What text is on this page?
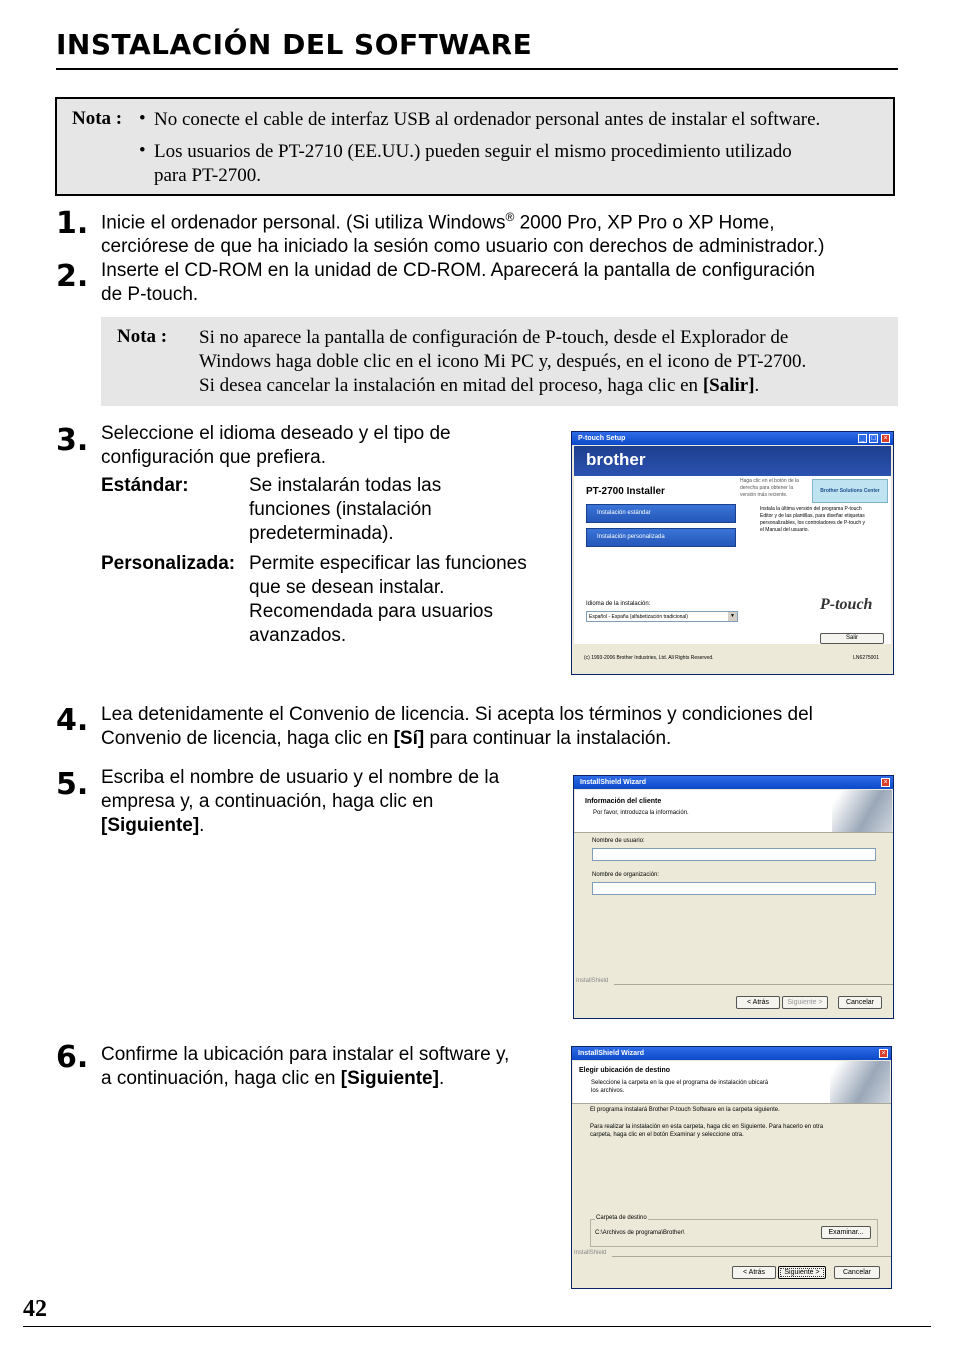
INSTALACIÓN DEL SOFTWARE
Nota : • No conecte el cable de interfaz USB al ordenador personal antes de instalar el software.
• Los usuarios de PT-2710 (EE.UU.) pueden seguir el mismo procedimiento utilizado
para PT-2700.
1. Inicie el ordenador personal. (Si utiliza Windows® 2000 Pro, XP Pro o XP Home,
cerciórese de que ha iniciado la sesión como usuario con derechos de administrador.)
2. Inserte el CD-ROM en la unidad de CD-ROM. Aparecerá la pantalla de configuración
de P-touch.
Nota : Si no aparece la pantalla de configuración de P-touch, desde el Explorador de
Windows haga doble clic en el icono Mi PC y, después, en el icono de PT-2700.
Si desea cancelar la instalación en mitad del proceso, haga clic en [Salir].
3. Seleccione el idioma deseado y el tipo de
configuración que prefiera.
Estándar:	Se instalarán todas las
funciones (instalación
predeterminada).
Personalizada: Permite especificar las funciones
que se desean instalar.
Recomendada para usuarios
avanzados.
P-touch Setup	_ □	×
brother
PT-2700 Installer
Instalación estándar
Instalación personalizada
Haga clic en el botón de la
derecha para obtener la
versión más reciente.
Brother Solutions Center
Instala la última versión del programa P-touch
Editor y de las plantillas, para diseñar etiquetas
personalizables, los controladores de P-touch y
el Manual del usuario.
Idioma de la instalación:
Español - España (alfabetización tradicional)	▼
P-touch
Salir
(c) 1993-2006 Brother Industries, Ltd. All Rights Reserved.	LN6275001
4. Lea detenidamente el Convenio de licencia. Si acepta los términos y condiciones del
Convenio de licencia, haga clic en [Sí] para continuar la instalación.
5. Escriba el nombre de usuario y el nombre de la
empresa y, a continuación, haga clic en
[Siguiente].
InstallShield Wizard	×
Información del cliente
Por favor, introduzca la información.
Nombre de usuario:
Nombre de organización:
InstallShield
< Atrás	Siguiente >	Cancelar
6. Confirme la ubicación para instalar el software y,
a continuación, haga clic en [Siguiente].
InstallShield Wizard	×
Elegir ubicación de destino
Seleccione la carpeta en la que el programa de instalación ubicará
los archivos.
El programa instalará Brother P-touch Software en la carpeta siguiente.
Para realizar la instalación en esta carpeta, haga clic en Siguiente. Para hacerlo en otra
carpeta, haga clic en el botón Examinar y seleccione otra.
Carpeta de destino
C:\Archivos de programa\Brother\	Examinar...
InstallShield
< Atrás	Siguiente >	Cancelar
42
